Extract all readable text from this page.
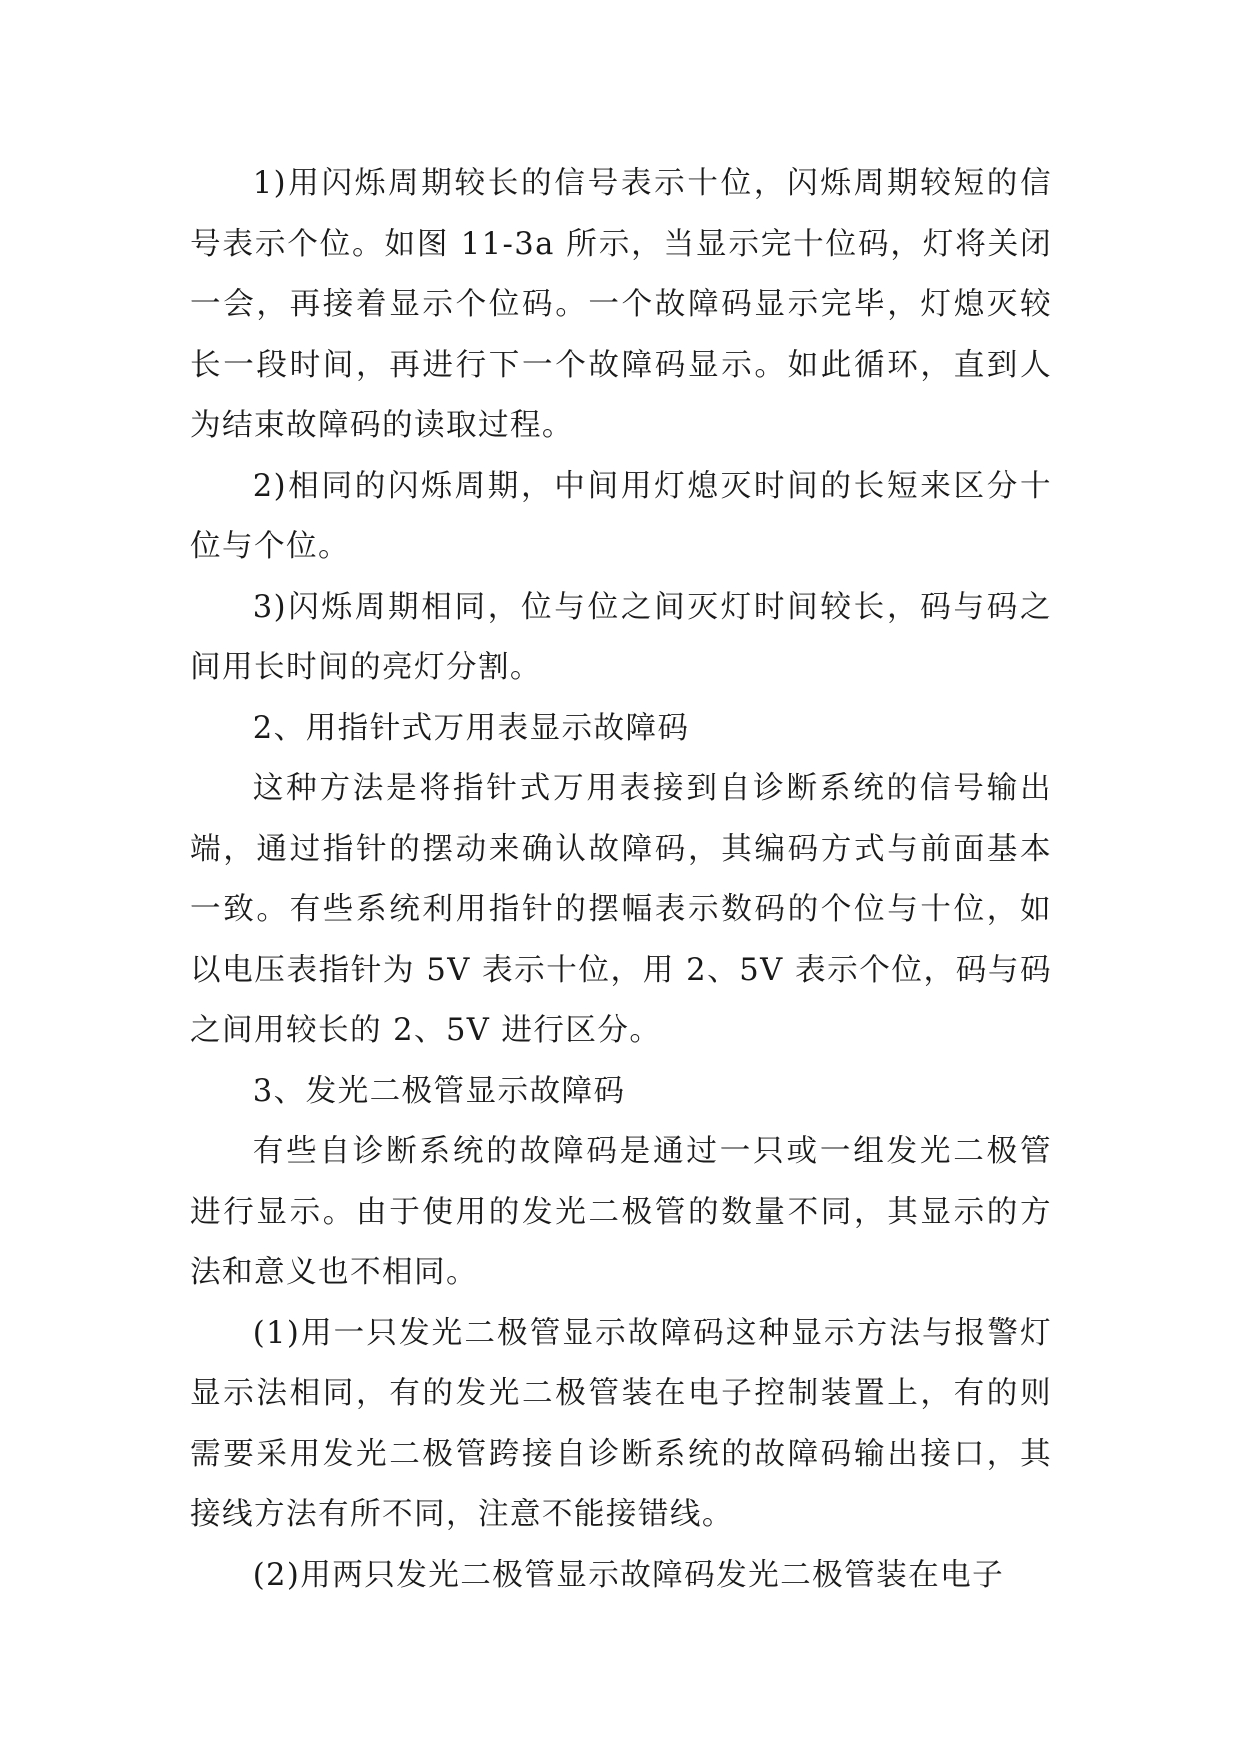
1)用闪烁周期较长的信号表示十位，闪烁周期较短的信号表示个位。如图 11-3a 所示，当显示完十位码，灯将关闭一会，再接着显示个位码。一个故障码显示完毕，灯熄灭较长一段时间，再进行下一个故障码显示。如此循环，直到人为结束故障码的读取过程。

2)相同的闪烁周期，中间用灯熄灭时间的长短来区分十位与个位。

3)闪烁周期相同，位与位之间灭灯时间较长，码与码之间用长时间的亮灯分割。

2、用指针式万用表显示故障码

这种方法是将指针式万用表接到自诊断系统的信号输出端，通过指针的摆动来确认故障码，其编码方式与前面基本一致。有些系统利用指针的摆幅表示数码的个位与十位，如以电压表指针为 5V 表示十位，用 2、5V 表示个位，码与码之间用较长的 2、5V 进行区分。

3、发光二极管显示故障码

有些自诊断系统的故障码是通过一只或一组发光二极管进行显示。由于使用的发光二极管的数量不同，其显示的方法和意义也不相同。

(1)用一只发光二极管显示故障码这种显示方法与报警灯显示法相同，有的发光二极管装在电子控制装置上，有的则需要采用发光二极管跨接自诊断系统的故障码输出接口，其接线方法有所不同，注意不能接错线。

(2)用两只发光二极管显示故障码发光二极管装在电子
